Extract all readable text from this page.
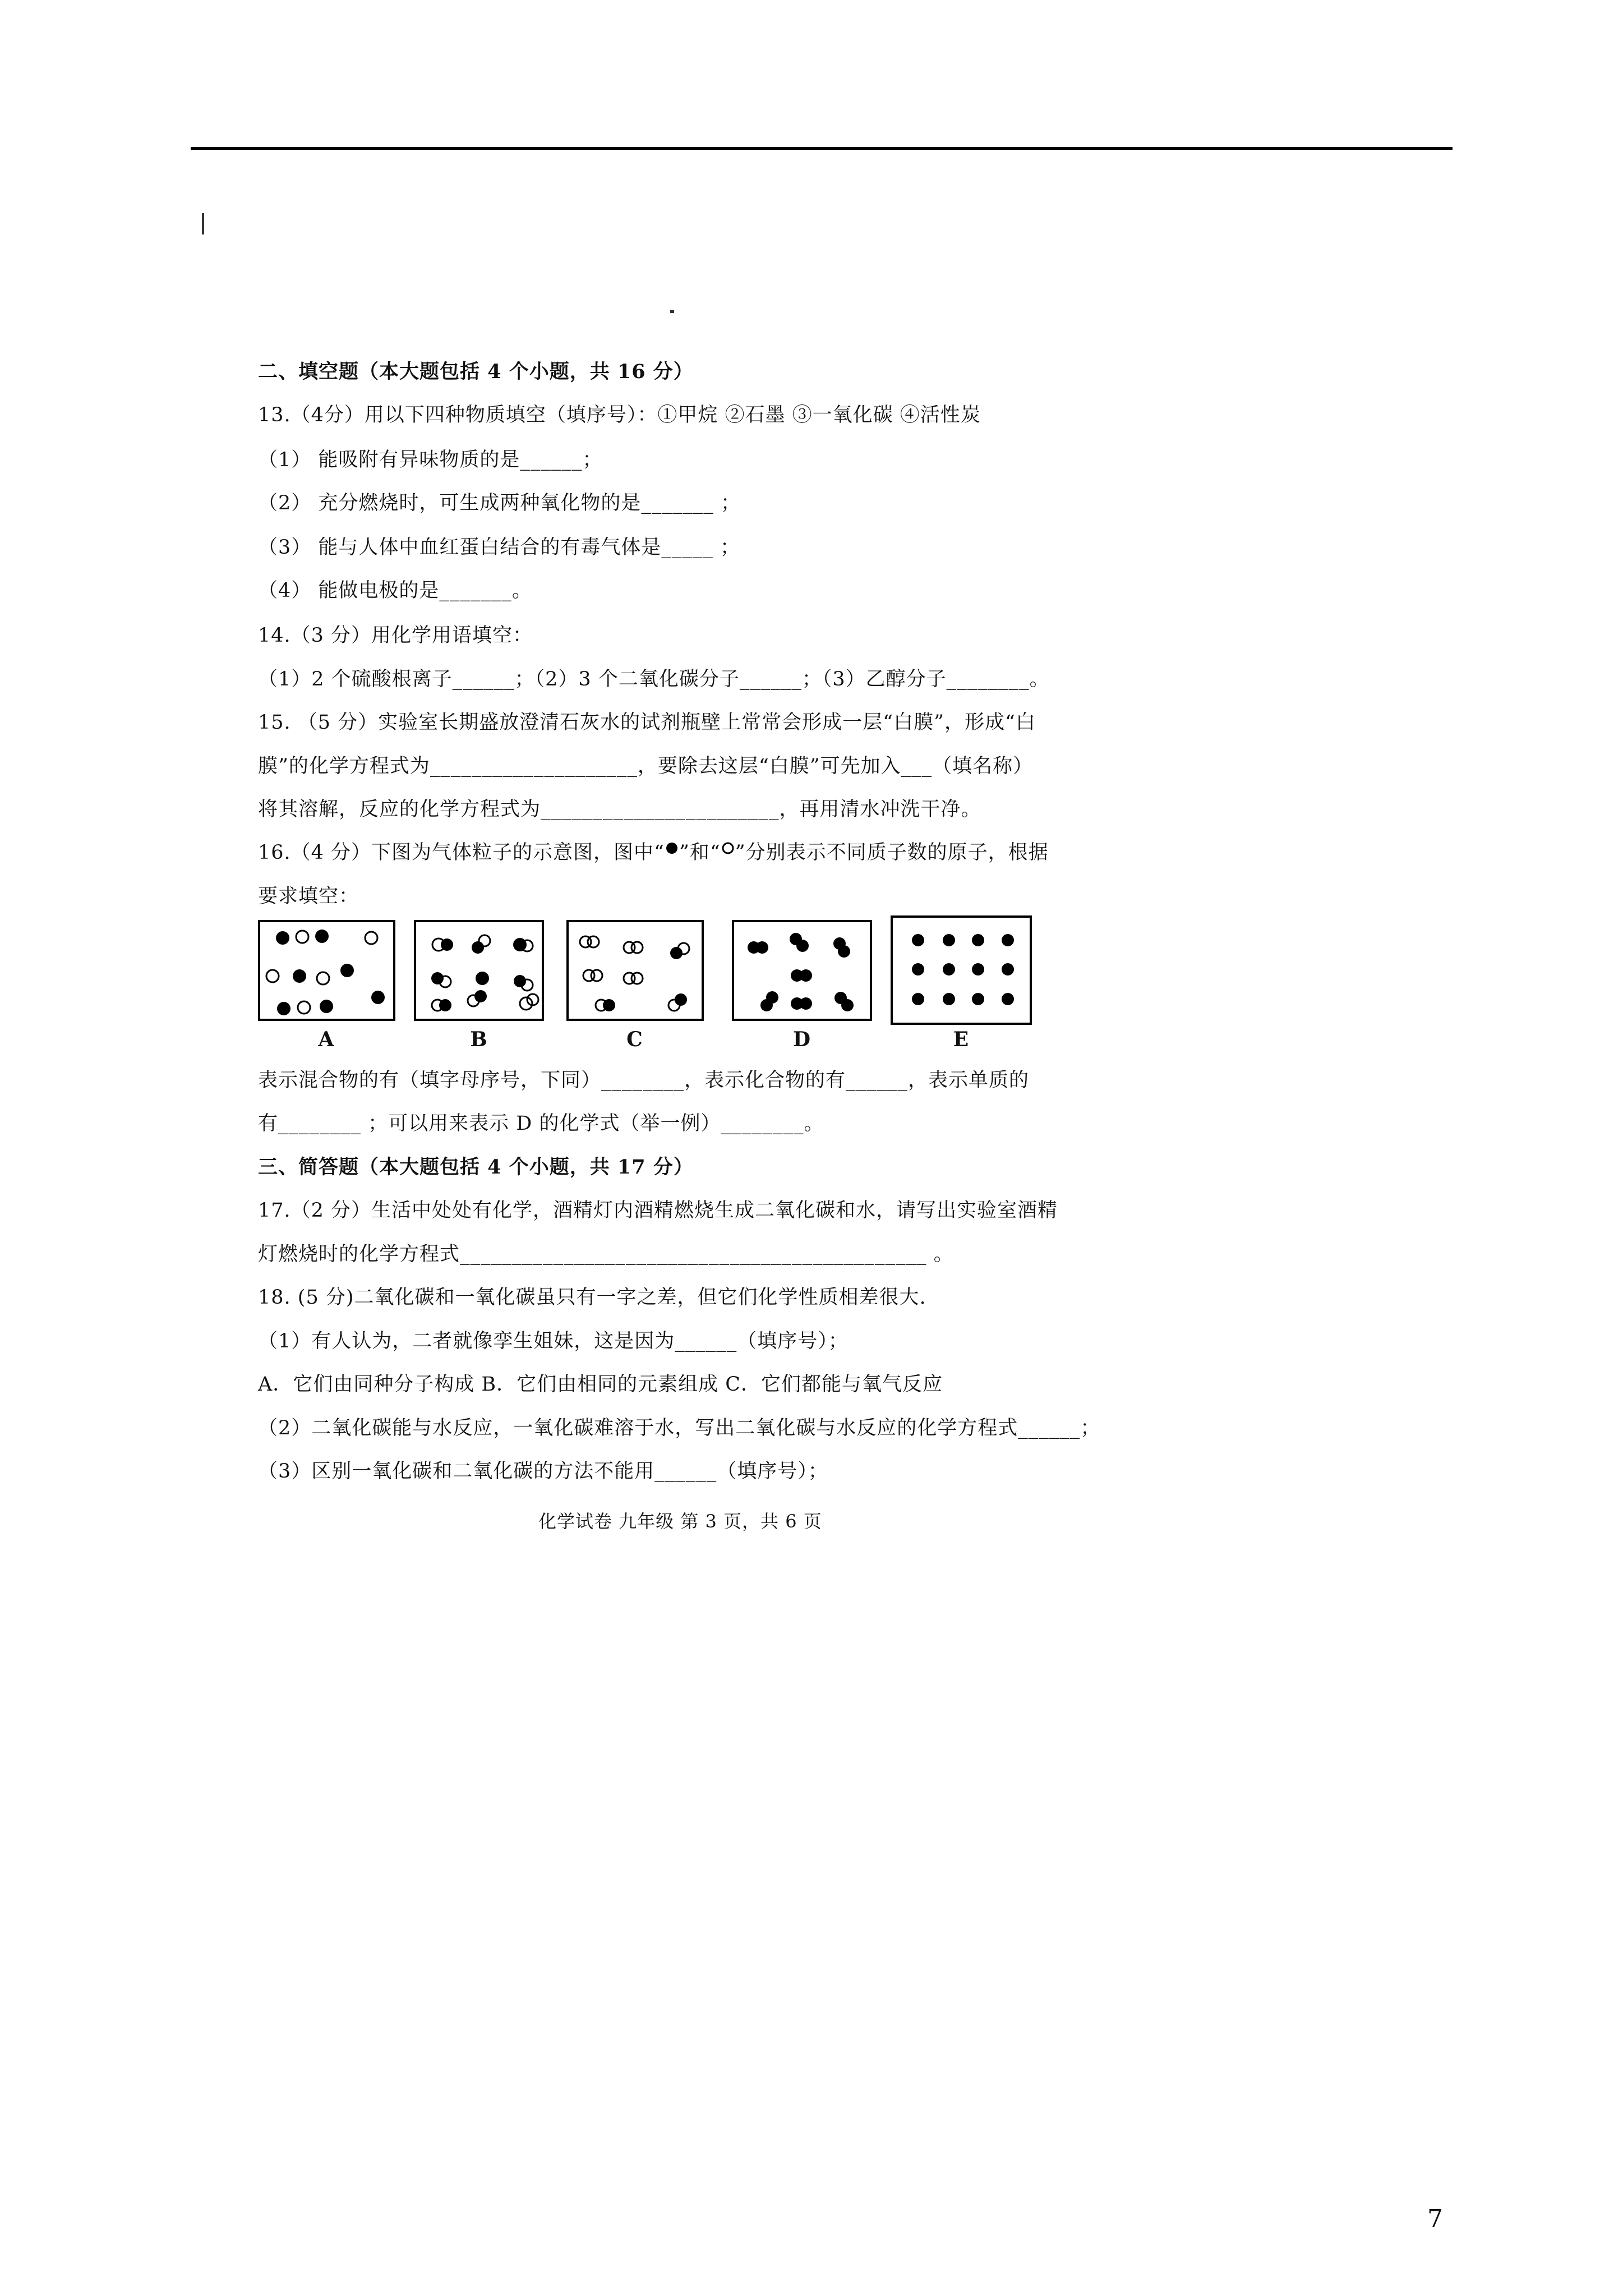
二、填空题（本大题包括 4 个小题，共 16 分）
13.（4分）用以下四种物质填空（填序号）：①甲烷 ②石墨 ③一氧化碳 ④活性炭
（1） 能吸附有异味物质的是______；
（2） 充分燃烧时，可生成两种氧化物的是_______ ；
（3） 能与人体中血红蛋白结合的有毒气体是_____ ；
（4） 能做电极的是_______。
14.（3 分）用化学用语填空：
（1）2 个硫酸根离子______；（2）3 个二氧化碳分子______；（3）乙醇分子________。
15. （5 分）实验室长期盛放澄清石灰水的试剂瓶壁上常常会形成一层“白膜”，形成“白
膜”的化学方程式为____________________，要除去这层“白膜”可先加入___（填名称）
将其溶解，反应的化学方程式为_______________________，再用清水冲洗干净。
16.（4 分）下图为气体粒子的示意图，图中“ ”和“ ”分别表示不同质子数的原子，根据
要求填空：
A	B	C	D	E
表示混合物的有（填字母序号，下同）________，表示化合物的有______，表示单质的
有________ ；可以用来表示 D 的化学式（举一例）________。
三、简答题（本大题包括 4 个小题，共 17 分）
17.（2 分）生活中处处有化学，酒精灯内酒精燃烧生成二氧化碳和水，请写出实验室酒精
灯燃烧时的化学方程式_____________________________________________ 。
18. (5 分)二氧化碳和一氧化碳虽只有一字之差，但它们化学性质相差很大.
（1）有人认为，二者就像孪生姐妹，这是因为______（填序号）；
A．它们由同种分子构成 B．它们由相同的元素组成 C．它们都能与氧气反应
（2）二氧化碳能与水反应，一氧化碳难溶于水，写出二氧化碳与水反应的化学方程式______；
（3）区别一氧化碳和二氧化碳的方法不能用______（填序号）；
化学试卷 九年级 第 3 页，共 6 页
7
